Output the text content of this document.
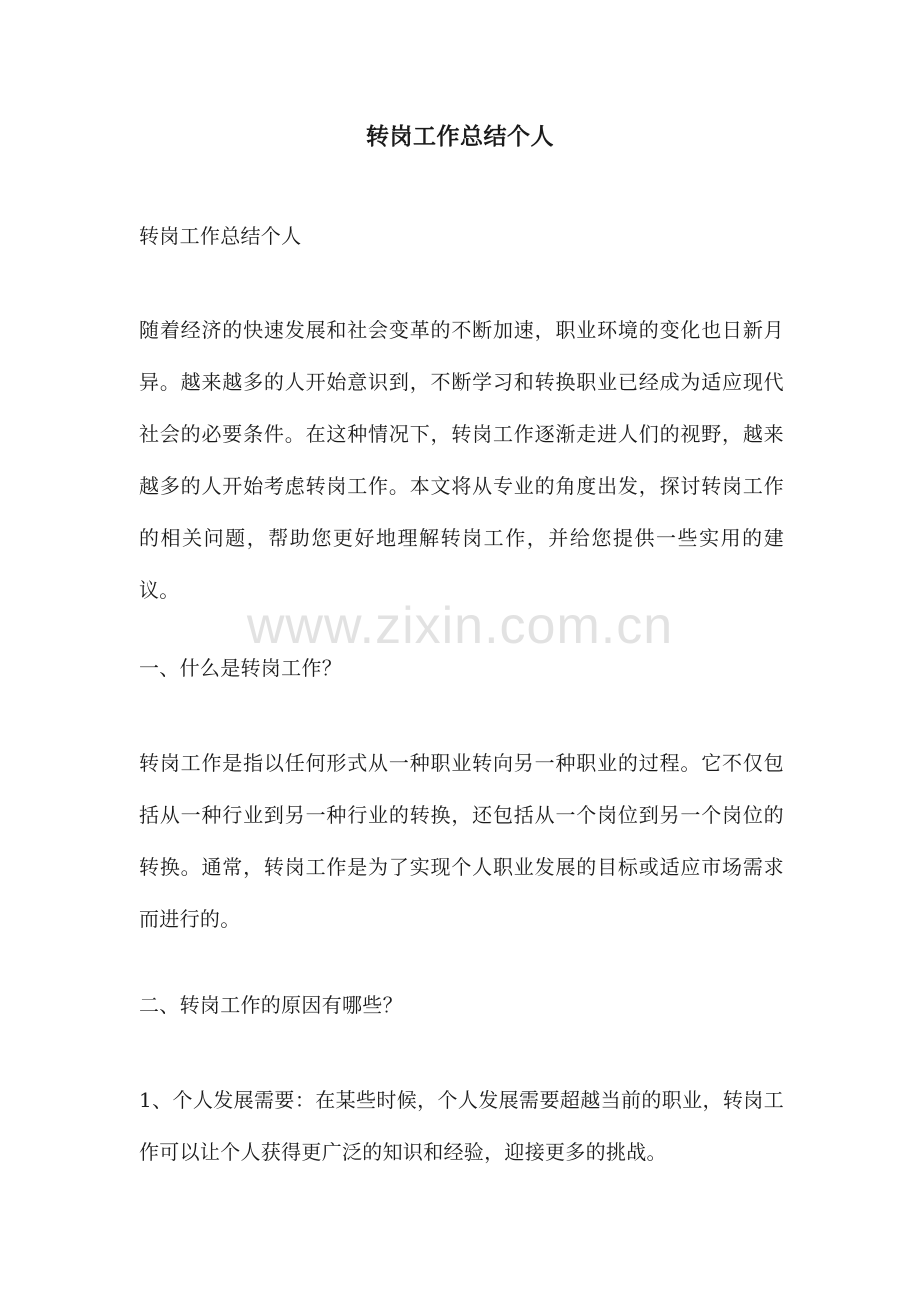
转岗工作总结个人
转岗工作总结个人
随着经济的快速发展和社会变革的不断加速，职业环境的变化也日新月异。越来越多的人开始意识到，不断学习和转换职业已经成为适应现代社会的必要条件。在这种情况下，转岗工作逐渐走进人们的视野，越来越多的人开始考虑转岗工作。本文将从专业的角度出发，探讨转岗工作的相关问题，帮助您更好地理解转岗工作，并给您提供一些实用的建议。
www.zixin.com.cn
一、什么是转岗工作？
转岗工作是指以任何形式从一种职业转向另一种职业的过程。它不仅包括从一种行业到另一种行业的转换，还包括从一个岗位到另一个岗位的转换。通常，转岗工作是为了实现个人职业发展的目标或适应市场需求而进行的。
二、转岗工作的原因有哪些？
1、个人发展需要：在某些时候，个人发展需要超越当前的职业，转岗工作可以让个人获得更广泛的知识和经验，迎接更多的挑战。
